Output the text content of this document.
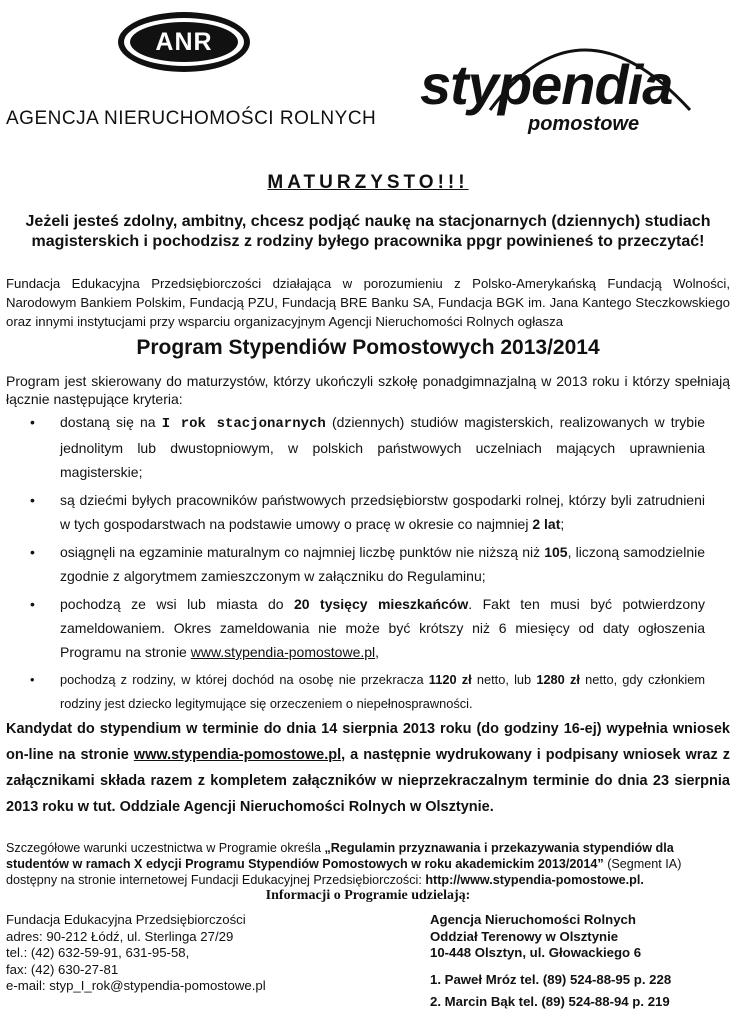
ANR
AGENCJA NIERUCHOMOŚCI ROLNYCH
stypendia
pomostowe
MATURZYSTO!!!
Jeżeli jesteś zdolny, ambitny, chcesz podjąć naukę na stacjonarnych (dziennych) studiach magisterskich i pochodzisz z rodziny byłego pracownika ppgr powinieneś to przeczytać!
Fundacja Edukacyjna Przedsiębiorczości działająca w porozumieniu z Polsko-Amerykańską Fundacją Wolności, Narodowym Bankiem Polskim, Fundacją PZU, Fundacją BRE Banku SA, Fundacja BGK im. Jana Kantego Steczkowskiego oraz innymi instytucjami przy wsparciu organizacyjnym Agencji Nieruchomości Rolnych ogłasza
Program Stypendiów Pomostowych 2013/2014
Program jest skierowany do maturzystów, którzy ukończyli szkołę ponadgimnazjalną w 2013 roku i którzy spełniają łącznie następujące kryteria:
• dostaną się na I rok stacjonarnych (dziennych) studiów magisterskich, realizowanych w trybie jednolitym lub dwustopniowym, w polskich państwowych uczelniach mających uprawnienia magisterskie;
• są dziećmi byłych pracowników państwowych przedsiębiorstw gospodarki rolnej, którzy byli zatrudnieni w tych gospodarstwach na podstawie umowy o pracę w okresie co najmniej 2 lat;
• osiągnęli na egzaminie maturalnym co najmniej liczbę punktów nie niższą niż 105, liczoną samodzielnie zgodnie z algorytmem zamieszczonym w załączniku do Regulaminu;
• pochodzą ze wsi lub miasta do 20 tysięcy mieszkańców. Fakt ten musi być potwierdzony zameldowaniem. Okres zameldowania nie może być krótszy niż 6 miesięcy od daty ogłoszenia Programu na stronie www.stypendia-pomostowe.pl,
• pochodzą z rodziny, w której dochód na osobę nie przekracza 1120 zł netto, lub 1280 zł netto, gdy członkiem rodziny jest dziecko legitymujące się orzeczeniem o niepełnosprawności.
Kandydat do stypendium w terminie do dnia 14 sierpnia 2013 roku (do godziny 16-ej) wypełnia wniosek on-line na stronie www.stypendia-pomostowe.pl, a następnie wydrukowany i podpisany wniosek wraz z załącznikami składa razem z kompletem załączników w nieprzekraczalnym terminie do dnia 23 sierpnia 2013 roku w tut. Oddziale Agencji Nieruchomości Rolnych w Olsztynie.
Szczegółowe warunki uczestnictwa w Programie określa „Regulamin przyznawania i przekazywania stypendiów dla studentów w ramach X edycji Programu Stypendiów Pomostowych w roku akademickim 2013/2014” (Segment IA) dostępny na stronie internetowej Fundacji Edukacyjnej Przedsiębiorczości: http://www.stypendia-pomostowe.pl.
Informacji o Programie udzielają:
Fundacja Edukacyjna Przedsiębiorczości
adres: 90-212 Łódź, ul. Sterlinga 27/29
tel.: (42) 632-59-91, 631-95-58,
fax: (42) 630-27-81
e-mail: styp_I_rok@stypendia-pomostowe.pl
Agencja Nieruchomości Rolnych
Oddział Terenowy w Olsztynie
10-448 Olsztyn, ul. Głowackiego 6
1. Paweł Mróz tel. (89) 524-88-95 p. 228
2. Marcin Bąk tel. (89) 524-88-94 p. 219
